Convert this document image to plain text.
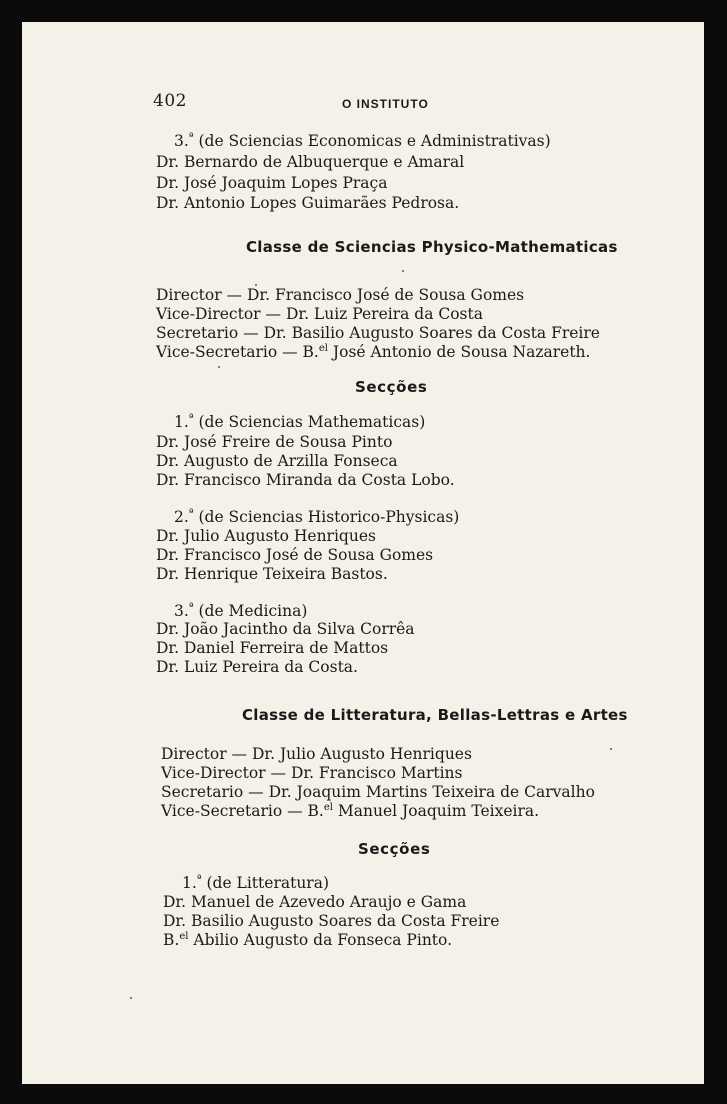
402	O INSTITUTO
3.$^ª$ (de Sciencias Economicas e Administrativas)
Dr. Bernardo de Albuquerque e Amaral
Dr. José Joaquim Lopes Praça
Dr. Antonio Lopes Guimarães Pedrosa.
Classe de Sciencias Physico-Mathematicas
Director — Dr. Francisco José de Sousa Gomes
Vice-Director — Dr. Luiz Pereira da Costa
Secretario — Dr. Basilio Augusto Soares da Costa Freire
Vice-Secretario — B.$^{el}$ José Antonio de Sousa Nazareth.
Secções
1.$^ª$ (de Sciencias Mathematicas)
Dr. José Freire de Sousa Pinto
Dr. Augusto de Arzilla Fonseca
Dr. Francisco Miranda da Costa Lobo.
2.$^ª$ (de Sciencias Historico-Physicas)
Dr. Julio Augusto Henriques
Dr. Francisco José de Sousa Gomes
Dr. Henrique Teixeira Bastos.
3.$^ª$ (de Medicina)
Dr. João Jacintho da Silva Corrêa
Dr. Daniel Ferreira de Mattos
Dr. Luiz Pereira da Costa.
Classe de Litteratura, Bellas-Lettras e Artes
Director — Dr. Julio Augusto Henriques
Vice-Director — Dr. Francisco Martins
Secretario — Dr. Joaquim Martins Teixeira de Carvalho
Vice-Secretario — B.$^{el}$ Manuel Joaquim Teixeira.
Secções
1.$^ª$ (de Litteratura)
Dr. Manuel de Azevedo Araujo e Gama
Dr. Basilio Augusto Soares da Costa Freire
B.$^{el}$ Abilio Augusto da Fonseca Pinto.
